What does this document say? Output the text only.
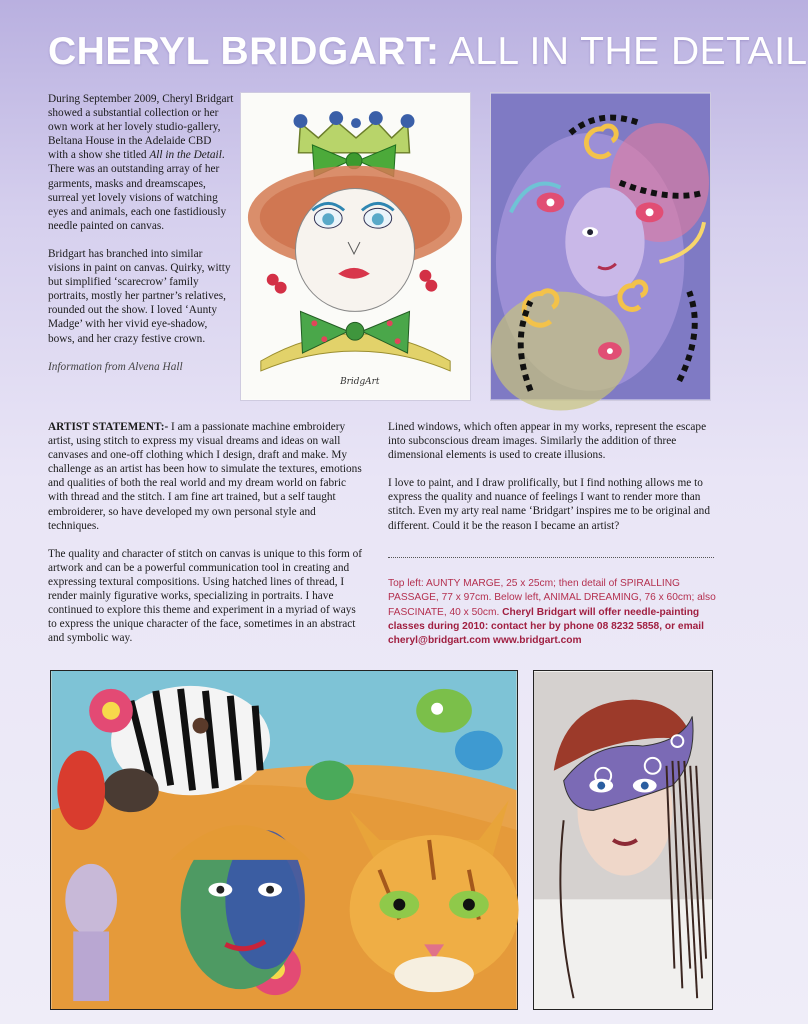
CHERYL BRIDGART: ALL IN THE DETAIL

During September 2009, Cheryl Bridgart showed a substantial collection or her own work at her lovely studio-gallery, Beltana House in the Adelaide CBD with a show she titled All in the Detail. There was an outstanding array of her garments, masks and dreamscapes, surreal yet lovely visions of watching eyes and animals, each one fastidiously needle painted on canvas.

Bridgart has branched into similar visions in paint on canvas. Quirky, witty but simplified ‘scarecrow’ family portraits, mostly her partner’s relatives, rounded out the show. I loved ‘Aunty Madge’ with her vivid eye-shadow, bows, and her crazy festive crown.

Information from Alvena Hall
BridgArt

ARTIST STATEMENT:- I am a passionate machine embroidery artist, using stitch to express my visual dreams and ideas on wall canvases and one-off clothing which I design, draft and make. My challenge as an artist has been how to simulate the textures, emotions and qualities of both the real world and my dream world on fabric with thread and the stitch. I am fine art trained, but a self taught embroiderer, so have developed my own personal style and techniques.

The quality and character of stitch on canvas is unique to this form of artwork and can be a powerful communication tool in creating and expressing textural compositions. Using hatched lines of thread, I render mainly figurative works, specializing in portraits. I have continued to explore this theme and experiment in a myriad of ways to express the unique character of the face, sometimes in an abstract and symbolic way.

Lined windows, which often appear in my works, represent the escape into subconscious dream images. Similarly the addition of three dimensional elements is used to create illusions.

I love to paint, and I draw prolifically, but I find nothing allows me to express the quality and nuance of feelings I want to render more than stitch. Even my arty real name ‘Bridgart’ inspires me to be original and different. Could it be the reason I became an artist?

Top left: AUNTY MARGE, 25 x 25cm; then detail of SPIRALLING PASSAGE, 77 x 97cm. Below left, ANIMAL DREAMING, 76 x 60cm; also FASCINATE, 40 x 50cm. Cheryl Bridgart will offer needle-painting classes during 2010: contact her by phone 08 8232 5858, or email cheryl@bridgart.com www.bridgart.com
